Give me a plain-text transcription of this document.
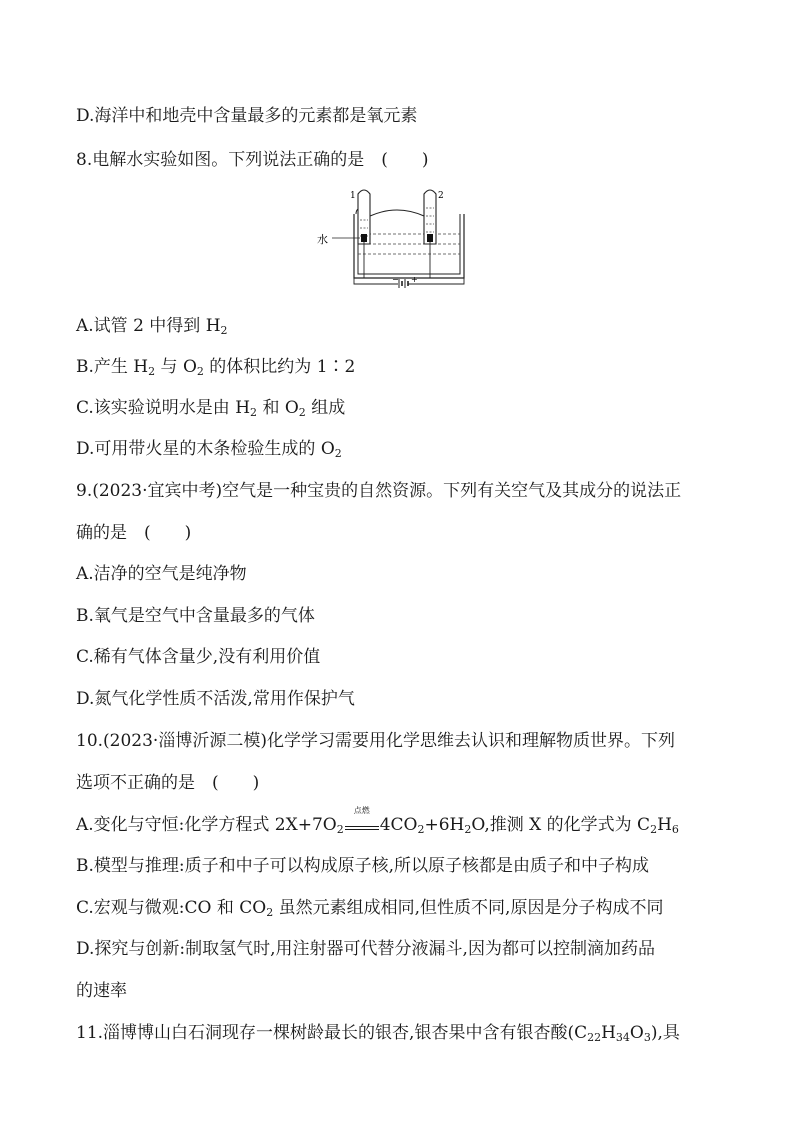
D.海洋中和地壳中含量最多的元素都是氧元素
8.电解水实验如图。下列说法正确的是　(　　)
水
1	2
− +
A.试管 2 中得到 $H_2$
B.产生 $H_2$ 与 $O_2$ 的体积比约为 1∶2
C.该实验说明水是由 $H_2$ 和 $O_2$ 组成
D.可用带火星的木条检验生成的 $O_2$
9.(2023·宜宾中考)空气是一种宝贵的自然资源。下列有关空气及其成分的说法正
确的是　(　　)
A.洁净的空气是纯净物
B.氧气是空气中含量最多的气体
C.稀有气体含量少,没有利用价值
D.氮气化学性质不活泼,常用作保护气
10.(2023·淄博沂源二模)化学学习需要用化学思维去认识和理解物质世界。下列
选项不正确的是　(　　)
A.变化与守恒:化学方程式 $2X+7O_2$
点燃
$4CO_2+6H_2O$,推测 X 的化学式为 $C_2H_6$
B.模型与推理:质子和中子可以构成原子核,所以原子核都是由质子和中子构成
C.宏观与微观:CO 和 $CO_2$ 虽然元素组成相同,但性质不同,原因是分子构成不同
D.探究与创新:制取氢气时,用注射器可代替分液漏斗,因为都可以控制滴加药品
的速率
11.淄博博山白石洞现存一棵树龄最长的银杏,银杏果中含有银杏酸$(C_{22}H_{34}O_3)$,具
